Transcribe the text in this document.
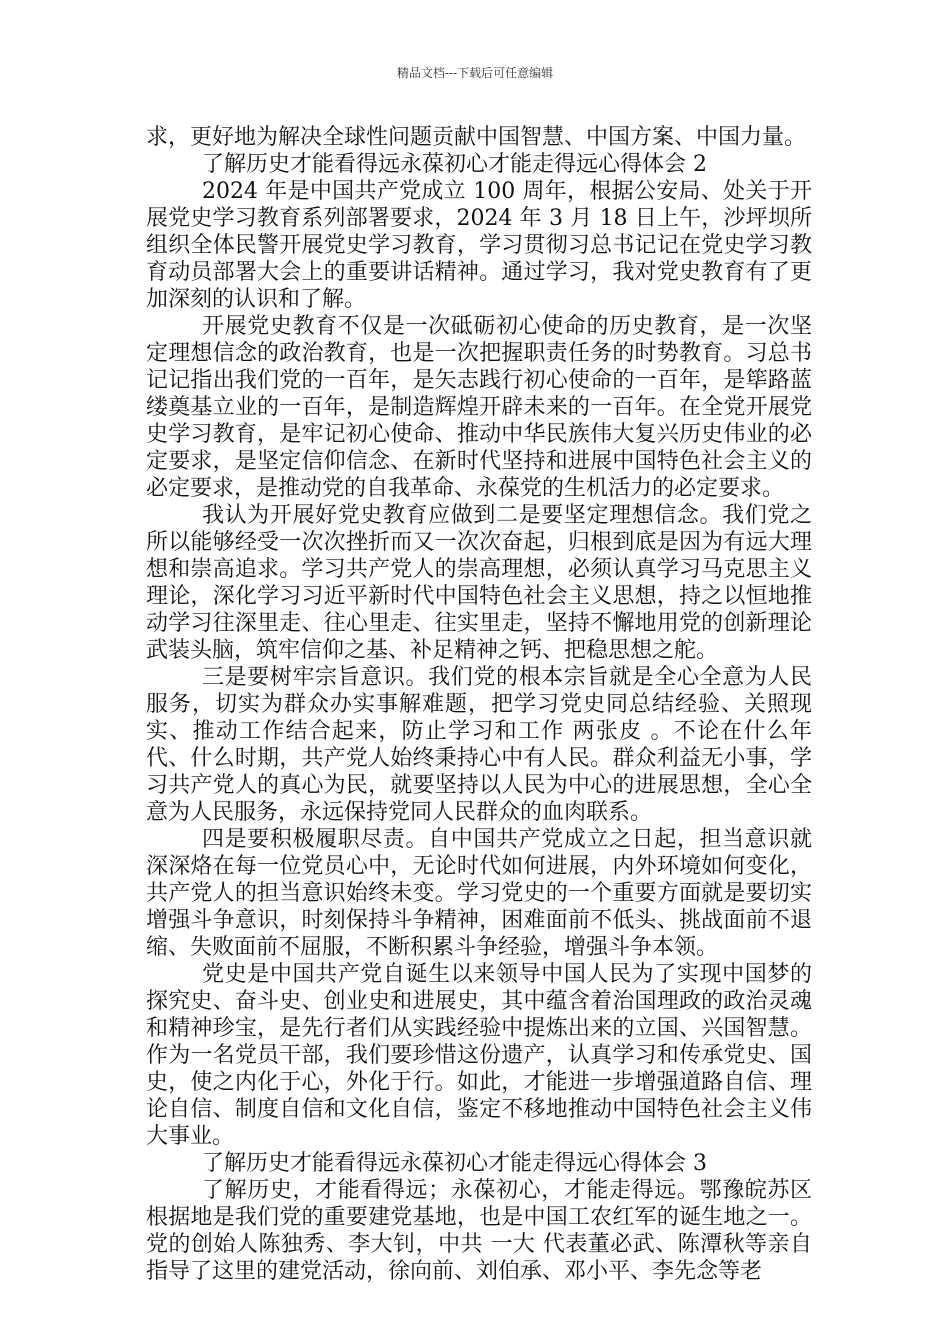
精品文档---下载后可任意编辑

求，更好地为解决全球性问题贡献中国智慧、中国方案、中国力量。

了解历史才能看得远永葆初心才能走得远心得体会 2

2024 年是中国共产党成立 100 周年，根据公安局、处关于开展党史学习教育系列部署要求，2024 年 3 月 18 日上午，沙坪坝所组织全体民警开展党史学习教育，学习贯彻习总书记记在党史学习教育动员部署大会上的重要讲话精神。通过学习，我对党史教育有了更加深刻的认识和了解。

开展党史教育不仅是一次砥砺初心使命的历史教育，是一次坚定理想信念的政治教育，也是一次把握职责任务的时势教育。习总书记记指出我们党的一百年，是矢志践行初心使命的一百年，是筚路蓝缕奠基立业的一百年，是制造辉煌开辟未来的一百年。在全党开展党史学习教育，是牢记初心使命、推动中华民族伟大复兴历史伟业的必定要求，是坚定信仰信念、在新时代坚持和进展中国特色社会主义的必定要求，是推动党的自我革命、永葆党的生机活力的必定要求。

我认为开展好党史教育应做到二是要坚定理想信念。我们党之所以能够经受一次次挫折而又一次次奋起，归根到底是因为有远大理想和崇高追求。学习共产党人的崇高理想，必须认真学习马克思主义理论，深化学习习近平新时代中国特色社会主义思想，持之以恒地推动学习往深里走、往心里走、往实里走，坚持不懈地用党的创新理论武装头脑，筑牢信仰之基、补足精神之钙、把稳思想之舵。

三是要树牢宗旨意识。我们党的根本宗旨就是全心全意为人民服务，切实为群众办实事解难题，把学习党史同总结经验、关照现实、推动工作结合起来，防止学习和工作 两张皮 。不论在什么年代、什么时期，共产党人始终秉持心中有人民。群众利益无小事，学习共产党人的真心为民，就要坚持以人民为中心的进展思想，全心全意为人民服务，永远保持党同人民群众的血肉联系。

四是要积极履职尽责。自中国共产党成立之日起，担当意识就深深烙在每一位党员心中，无论时代如何进展，内外环境如何变化，共产党人的担当意识始终未变。学习党史的一个重要方面就是要切实增强斗争意识，时刻保持斗争精神，困难面前不低头、挑战面前不退缩、失败面前不屈服，不断积累斗争经验，增强斗争本领。

党史是中国共产党自诞生以来领导中国人民为了实现中国梦的探究史、奋斗史、创业史和进展史，其中蕴含着治国理政的政治灵魂和精神珍宝，是先行者们从实践经验中提炼出来的立国、兴国智慧。作为一名党员干部，我们要珍惜这份遗产，认真学习和传承党史、国史，使之内化于心，外化于行。如此，才能进一步增强道路自信、理论自信、制度自信和文化自信，鉴定不移地推动中国特色社会主义伟大事业。

了解历史才能看得远永葆初心才能走得远心得体会 3

了解历史，才能看得远；永葆初心，才能走得远。鄂豫皖苏区根据地是我们党的重要建党基地，也是中国工农红军的诞生地之一。党的创始人陈独秀、李大钊，中共 一大 代表董必武、陈潭秋等亲自指导了这里的建党活动，徐向前、刘伯承、邓小平、李先念等老
